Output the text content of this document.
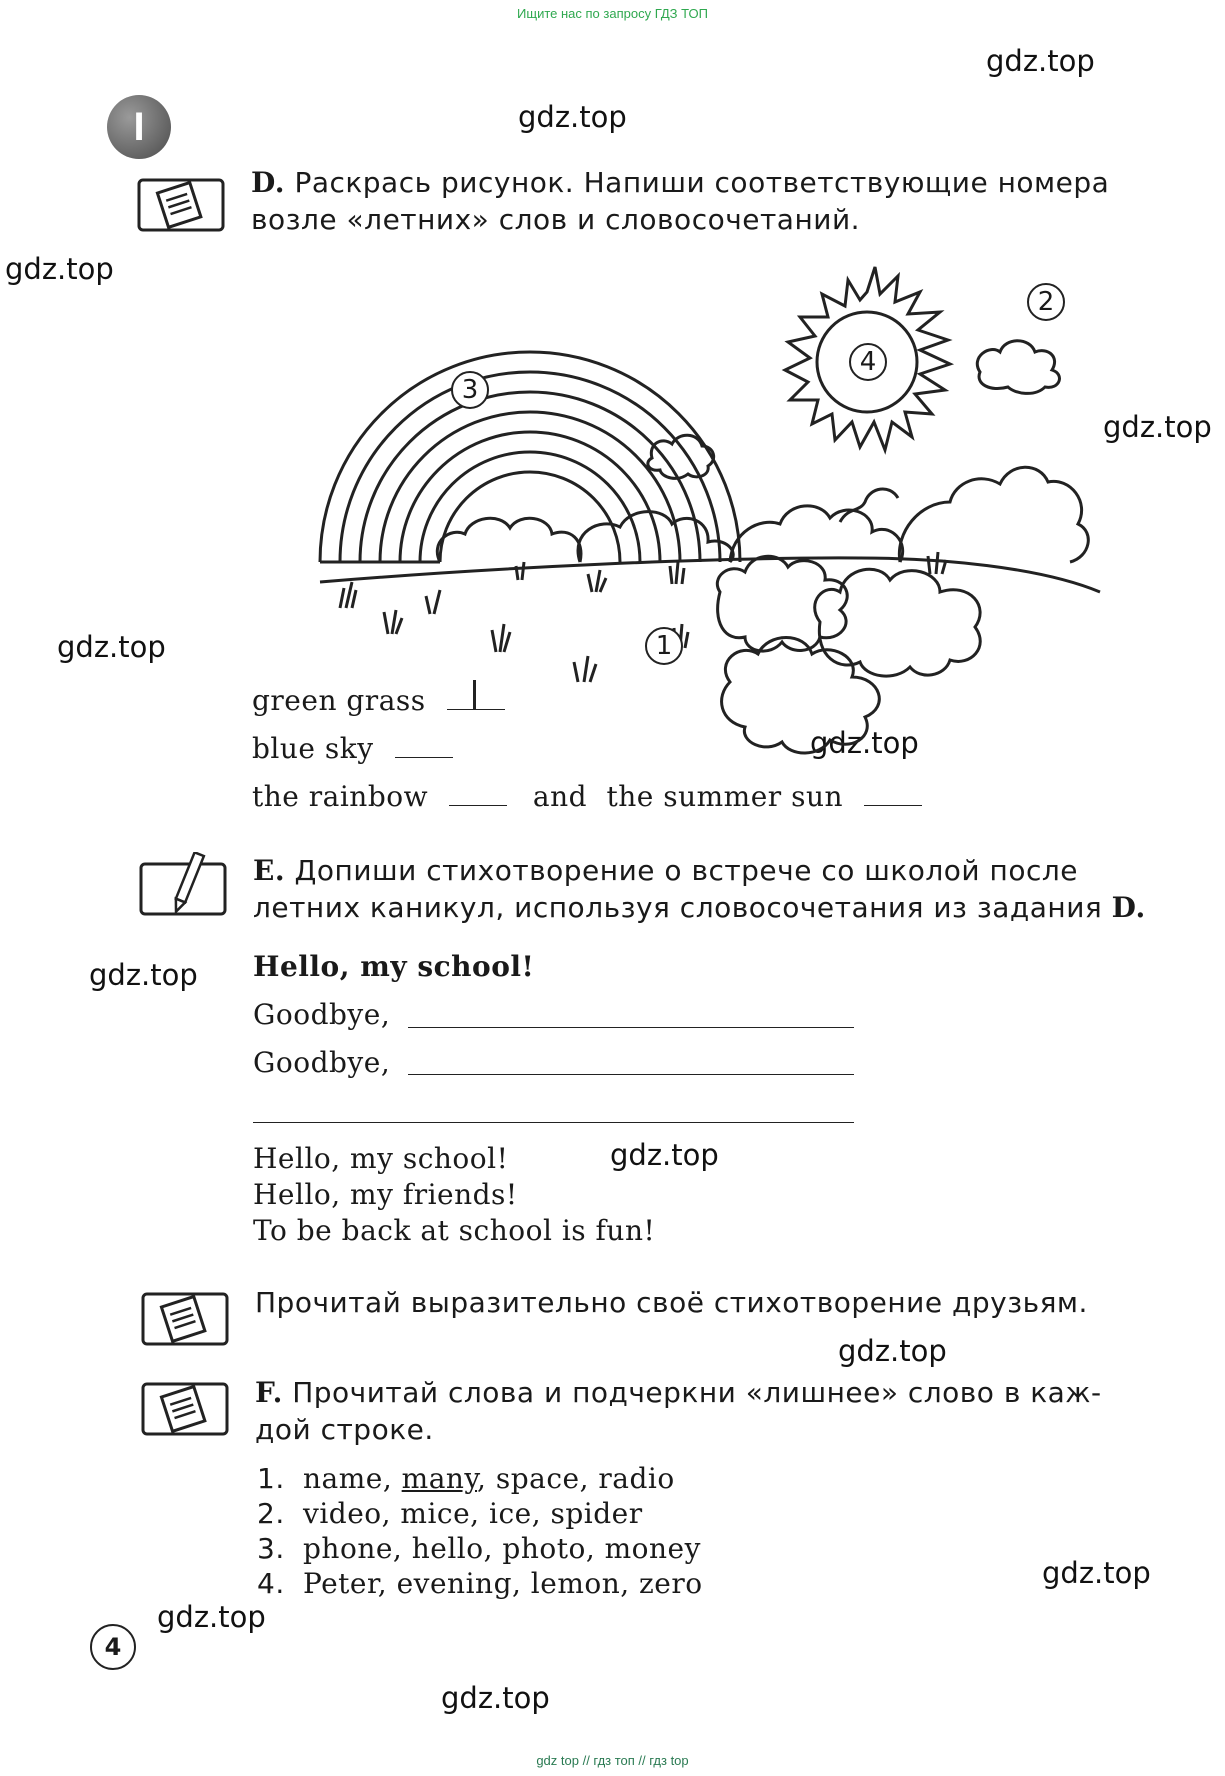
Ищите нас по запросу ГДЗ ТОП
I
gdz.top
gdz.top
gdz.top
gdz.top
gdz.top
gdz.top
gdz.top
gdz.top
gdz.top
gdz.top
gdz.top
gdz.top
D. Раскрась рисунок. Напиши соответствующие номера
возле «летних» слов и словосочетаний.
2
4
3
1
green grass
blue sky
the rainbow	and the summer sun
E. Допиши стихотворение о встрече со школой после
летних каникул, используя словосочетания из задания D.
Hello, my school!
Goodbye,
Goodbye,
Hello, my school!
Hello, my friends!
To be back at school is fun!
Прочитай выразительно своё стихотворение друзьям.
F. Прочитай слова и подчеркни «лишнее» слово в каж-
дой строке.
1. name, many, space, radio
2. video, mice, ice, spider
3. phone, hello, photo, money
4. Peter, evening, lemon, zero
4
gdz top // гдз топ // гдз top
